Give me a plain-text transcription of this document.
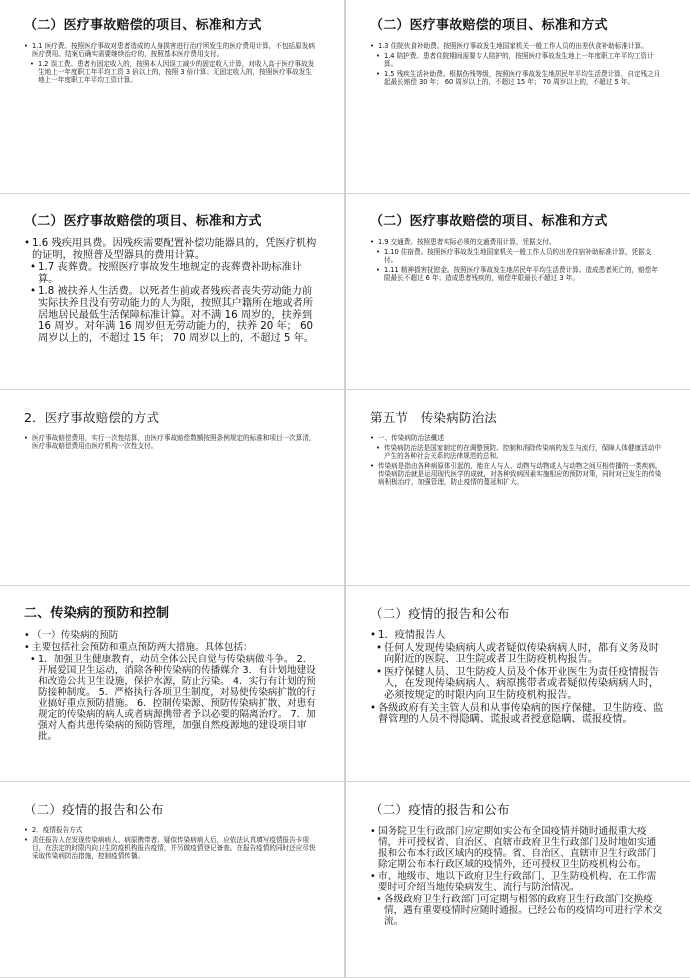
（二）医疗事故赔偿的项目、标准和方式
• 1.1 医疗费。按照医疗事故对患者造成的人身损害进行治疗所发生的医疗费用计算，不包括原发病医疗费用。结案后确实需要继续治疗的，按照基本医疗费用支付。
• 1.2 误工费。患者有固定收入的，按照本人因误工减少的固定收入计算，对收入高于医疗事故发生地上一年度职工年平均工资 3 倍以上的，按照 3 倍计算；无固定收入的，按照医疗事故发生地上一年度职工年平均工资计算。
（二）医疗事故赔偿的项目、标准和方式
• 1.3 住院伙食补助费。按照医疗事故发生地国家机关一般工作人员的出差伙食补助标准计算。
• 1.4 陪护费。患者住院期间需要专人陪护的，按照医疗事故发生地上一年度职工年平均工资计算。
• 1.5 残疾生活补助费。根据伤残等级，按照医疗事故发生地居民年平均生活费计算，自定残之月起最长赔偿 30 年； 60 周岁以上的，不超过 15 年； 70 周岁以上的，不超过 5 年。
（二）医疗事故赔偿的项目、标准和方式
• 1.6 残疾用具费。因残疾需要配置补偿功能器具的，凭医疗机构的证明，按照普及型器具的费用计算。
• 1.7 丧葬费。按照医疗事故发生地规定的丧葬费补助标准计算。
• 1.8 被扶养人生活费。以死者生前或者残疾者丧失劳动能力前实际扶养且没有劳动能力的人为限，按照其户籍所在地或者所居地居民最低生活保障标准计算。对不满 16 周岁的，扶养到 16 周岁。对年满 16 周岁但无劳动能力的，扶养 20 年； 60 周岁以上的，不超过 15 年； 70 周岁以上的，不超过 5 年。
（二）医疗事故赔偿的项目、标准和方式
• 1.9 交通费。按照患者实际必须的交通费用计算，凭据支付。
• 1.10 住宿费。按照医疗事故发生地国家机关一般工作人员的出差住宿补助标准计算，凭据支付。
• 1.11 精神损害抚慰金。按照医疗事故发生地居民年平均生活费计算。造成患者死亡的，赔偿年限最长不超过 6 年；造成患者残疾的，赔偿年限最长不超过 3 年。
2．医疗事故赔偿的方式
• 医疗事故赔偿费用，实行一次性结算，由医疗事故赔偿数额按照条例规定的标准和项目一次算清，医疗事故赔偿费用由医疗机构一次性支付。
第五节　传染病防治法
• 一、传染病防治法概述
• 传染病防治法是国家制定的在调整预防、控制和消除传染病的发生与流行，保障人体健康活动中产生的各种社会关系的法律规范的总和。
• 传染病是指由各种病原体引起的，能在人与人、动物与动物或人与动物之间互相传播的一类疾病。传染病防治就是运用现代医学的成就，对各种致病因素实施相应的预防对策，同时对已发生的传染病积极治疗，加强管理，防止疫情的蔓延和扩大。
二、传染病的预防和控制
• （一）传染病的预防
• 主要包括社会预防和重点预防两大措施。具体包括：
• 1．加强卫生健康教育，动员全体公民自觉与传染病做斗争。 2．开展爱国卫生运动，消除各种传染病的传播媒介 3．有计划地建设和改造公共卫生设施，保护水源，防止污染。 4．实行有计划的预防接种制度。 5．严格执行各项卫生制度，对易使传染病扩散的行业搞好重点预防措施。 6．控制传染源、预防传染病扩散、对患有规定的传染病的病人或者病源携带者予以必要的隔离治疗。 7．加强对人畜共患传染病的预防管理，加强自然疫源地的建设项目审批。
（二）疫情的报告和公布
• 1．疫情报告人
• 任何人发现传染病病人或者疑似传染病病人时，都有义务及时向附近的医院、卫生院或者卫生防疫机构报告。
• 医疗保健人员、卫生防疫人员及个体开业医生为责任疫情报告人，在发现传染病病人、病原携带者或者疑似传染病病人时，必须按规定的时限内向卫生防疫机构报告。
• 各级政府有关主管人员和从事传染病的医疗保健、卫生防疫、监督管理的人员不得隐瞒、谎报或者授意隐瞒、谎报疫情。
（二）疫情的报告和公布
• 2．疫情报告方式
• 责任报告人在发现传染病病人、病原携带者、疑似传染病病人后，应依法认真填写疫情报告卡项目，在法定的时限内向卫生防疫机构报告疫情，并另做疫情登记备查。在报告疫情的同时还应尽快采取传染病防治措施，控制疫情传播。
（二）疫情的报告和公布
• 国务院卫生行政部门应定期如实公布全国疫情并随时通报重大疫情，并可授权省、自治区、直辖市政府卫生行政部门及时地如实通报和公布本行政区域内的疫情。省、自治区、直辖市卫生行政部门除定期公布本行政区域的疫情外，还可授权卫生防疫机构公布。
• 市、地级市、地以下政府卫生行政部门、卫生防疫机构、在工作需要时可介绍当地传染病发生、流行与防治情况。
• 各级政府卫生行政部门可定期与相邻的政府卫生行政部门交换疫情，遇有重要疫情时应随时通报。已经公布的疫情均可进行学术交流。
